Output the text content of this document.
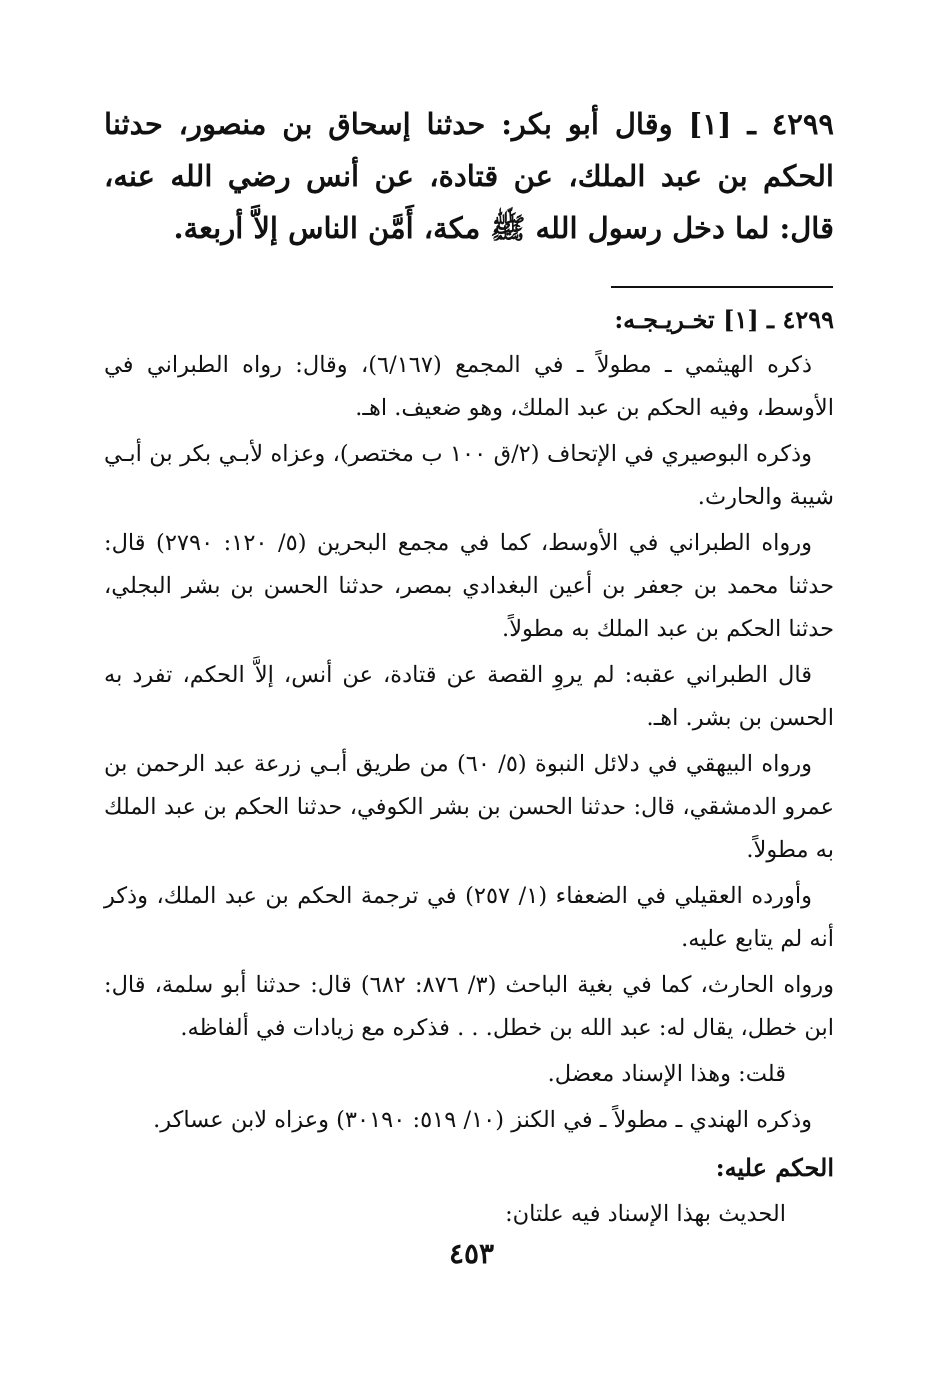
٤٢٩٩ ـ [١] وقال أبو بكر: حدثنا إسحاق بن منصور، حدثنا الحكم بن عبد الملك، عن قتادة، عن أنس رضي الله عنه، قال: لما دخل رسول الله ﷺ مكة، أَمَّن الناس إلاَّ أربعة.

٤٢٩٩ ـ [١] تخـريـجـه:

ذكره الهيثمي ـ مطولاً ـ في المجمع (٦/١٦٧)، وقال: رواه الطبراني في الأوسط، وفيه الحكم بن عبد الملك، وهو ضعيف. اهـ.

وذكره البوصيري في الإتحاف (٢/ق ١٠٠ ب مختصر)، وعزاه لأبـي بكر بن أبـي شيبة والحارث.

ورواه الطبراني في الأوسط، كما في مجمع البحرين (٥/ ١٢٠: ٢٧٩٠) قال: حدثنا محمد بن جعفر بن أعين البغدادي بمصر، حدثنا الحسن بن بشر البجلي، حدثنا الحكم بن عبد الملك به مطولاً.

قال الطبراني عقبه: لم يروِ القصة عن قتادة، عن أنس، إلاَّ الحكم، تفرد به الحسن بن بشر. اهـ.

ورواه البيهقي في دلائل النبوة (٥/ ٦٠) من طريق أبـي زرعة عبد الرحمن بن عمرو الدمشقي، قال: حدثنا الحسن بن بشر الكوفي، حدثنا الحكم بن عبد الملك به مطولاً.

وأورده العقيلي في الضعفاء (١/ ٢٥٧) في ترجمة الحكم بن عبد الملك، وذكر أنه لم يتابع عليه.

ورواه الحارث، كما في بغية الباحث (٣/ ٨٧٦: ٦٨٢) قال: حدثنا أبو سلمة، قال: ابن خطل، يقال له: عبد الله بن خطل. . . فذكره مع زيادات في ألفاظه.

قلت: وهذا الإسناد معضل.

وذكره الهندي ـ مطولاً ـ في الكنز (١٠/ ٥١٩: ٣٠١٩٠) وعزاه لابن عساكر.

الحكم عليه:

الحديث بهذا الإسناد فيه علتان:

٤٥٣
